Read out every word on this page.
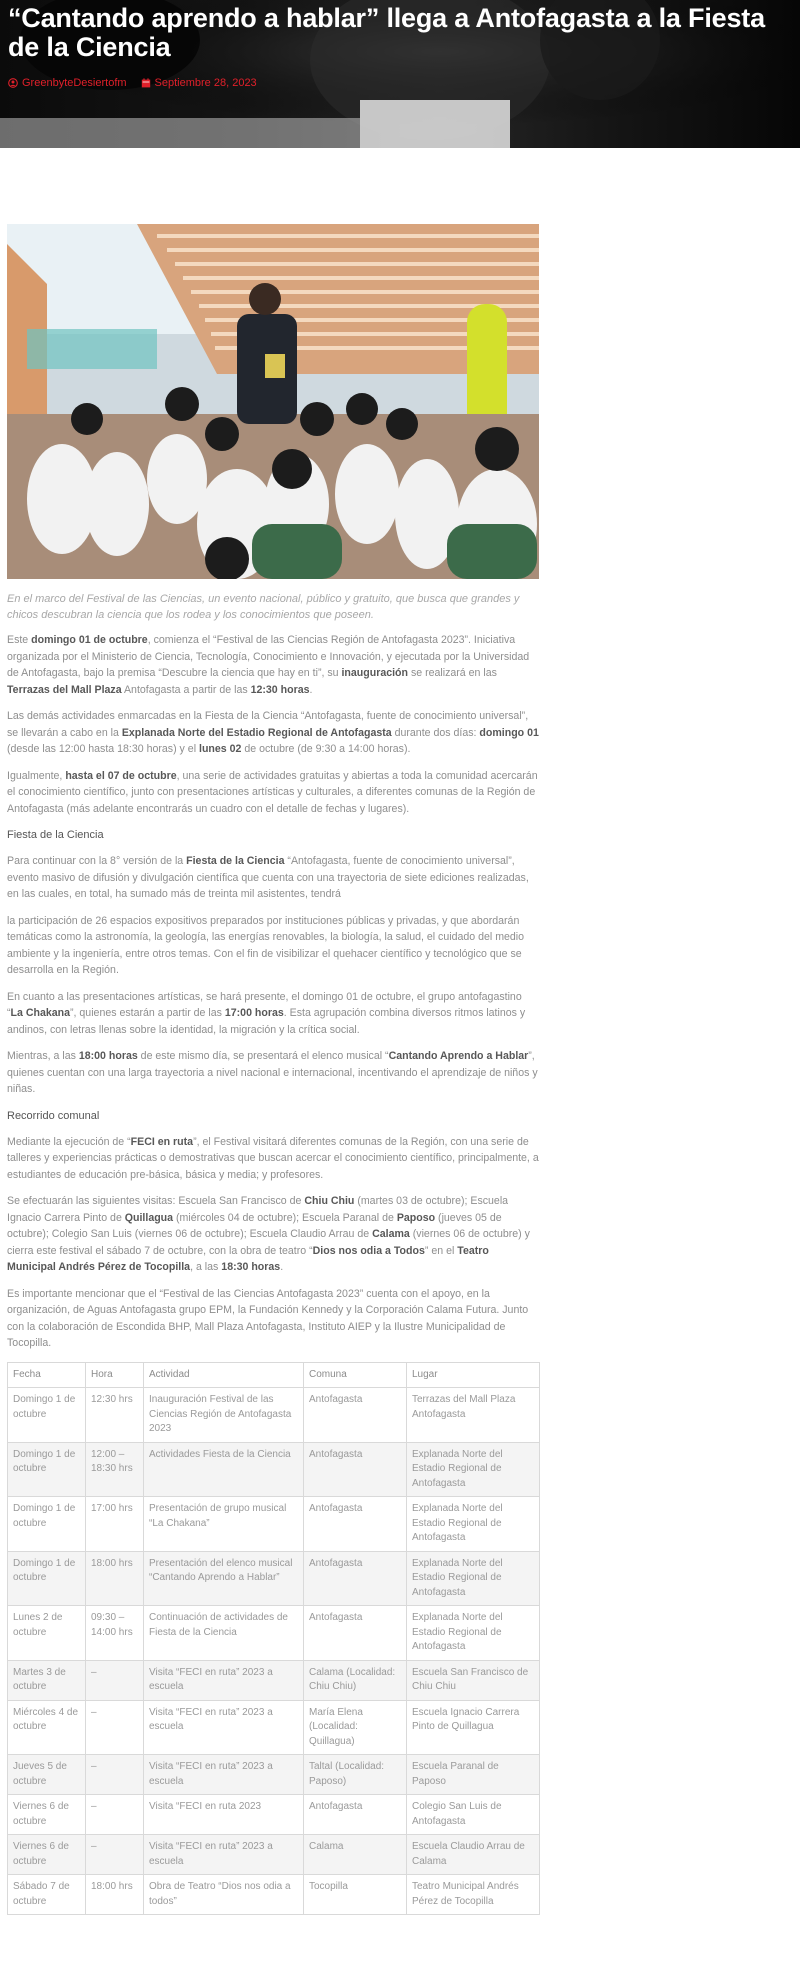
“Cantando aprendo a hablar” llega a Antofagasta a la Fiesta de la Ciencia
GreenbyteDesiertofm	Septiembre 28, 2023

En el marco del Festival de las Ciencias, un evento nacional, público y gratuito, que busca que grandes y chicos descubran la ciencia que los rodea y los conocimientos que poseen.

Este domingo 01 de octubre, comienza el “Festival de las Ciencias Región de Antofagasta 2023”. Iniciativa organizada por el Ministerio de Ciencia, Tecnología, Conocimiento e Innovación, y ejecutada por la Universidad de Antofagasta, bajo la premisa “Descubre la ciencia que hay en ti”, su inauguración se realizará en las Terrazas del Mall Plaza Antofagasta a partir de las 12:30 horas.

Las demás actividades enmarcadas en la Fiesta de la Ciencia “Antofagasta, fuente de conocimiento universal”, se llevarán a cabo en la Explanada Norte del Estadio Regional de Antofagasta durante dos días: domingo 01 (desde las 12:00 hasta 18:30 horas) y el lunes 02 de octubre (de 9:30 a 14:00 horas).

Igualmente, hasta el 07 de octubre, una serie de actividades gratuitas y abiertas a toda la comunidad acercarán el conocimiento científico, junto con presentaciones artísticas y culturales, a diferentes comunas de la Región de Antofagasta (más adelante encontrarás un cuadro con el detalle de fechas y lugares).

Fiesta de la Ciencia

Para continuar con la 8° versión de la Fiesta de la Ciencia “Antofagasta, fuente de conocimiento universal”, evento masivo de difusión y divulgación científica que cuenta con una trayectoria de siete ediciones realizadas, en las cuales, en total, ha sumado más de treinta mil asistentes, tendrá

la participación de 26 espacios expositivos preparados por instituciones públicas y privadas, y que abordarán temáticas como la astronomía, la geología, las energías renovables, la biología, la salud, el cuidado del medio ambiente y la ingeniería, entre otros temas. Con el fin de visibilizar el quehacer científico y tecnológico que se desarrolla en la Región.

En cuanto a las presentaciones artísticas, se hará presente, el domingo 01 de octubre, el grupo antofagastino “La Chakana”, quienes estarán a partir de las 17:00 horas. Esta agrupación combina diversos ritmos latinos y andinos, con letras llenas sobre la identidad, la migración y la crítica social.

Mientras, a las 18:00 horas de este mismo día, se presentará el elenco musical “Cantando Aprendo a Hablar”, quienes cuentan con una larga trayectoria a nivel nacional e internacional, incentivando el aprendizaje de niños y niñas.

Recorrido comunal

Mediante la ejecución de “FECI en ruta”, el Festival visitará diferentes comunas de la Región, con una serie de talleres y experiencias prácticas o demostrativas que buscan acercar el conocimiento científico, principalmente, a estudiantes de educación pre-básica, básica y media; y profesores.

Se efectuarán las siguientes visitas: Escuela San Francisco de Chiu Chiu (martes 03 de octubre); Escuela Ignacio Carrera Pinto de Quillagua (miércoles 04 de octubre); Escuela Paranal de Paposo (jueves 05 de octubre); Colegio San Luis (viernes 06 de octubre); Escuela Claudio Arrau de Calama (viernes 06 de octubre) y cierra este festival el sábado 7 de octubre, con la obra de teatro “Dios nos odia a Todos” en el Teatro Municipal Andrés Pérez de Tocopilla, a las 18:30 horas.

Es importante mencionar que el “Festival de las Ciencias Antofagasta 2023” cuenta con el apoyo, en la organización, de Aguas Antofagasta grupo EPM, la Fundación Kennedy y la Corporación Calama Futura. Junto con la colaboración de Escondida BHP, Mall Plaza Antofagasta, Instituto AIEP y la Ilustre Municipalidad de Tocopilla.

Fecha	Hora	Actividad	Comuna	Lugar
Domingo 1 de octubre	12:30 hrs	Inauguración Festival de las Ciencias Región de Antofagasta 2023	Antofagasta	Terrazas del Mall Plaza Antofagasta
Domingo 1 de octubre	12:00 – 18:30 hrs	Actividades Fiesta de la Ciencia	Antofagasta	Explanada Norte del Estadio Regional de Antofagasta
Domingo 1 de octubre	17:00 hrs	Presentación de grupo musical “La Chakana”	Antofagasta	Explanada Norte del Estadio Regional de Antofagasta
Domingo 1 de octubre	18:00 hrs	Presentación del elenco musical “Cantando Aprendo a Hablar”	Antofagasta	Explanada Norte del Estadio Regional de Antofagasta
Lunes 2 de octubre	09:30 – 14:00 hrs	Continuación de actividades de Fiesta de la Ciencia	Antofagasta	Explanada Norte del Estadio Regional de Antofagasta
Martes 3 de octubre	–	Visita “FECI en ruta” 2023 a escuela	Calama (Localidad: Chiu Chiu)	Escuela San Francisco de Chiu Chiu
Miércoles 4 de octubre	–	Visita “FECI en ruta” 2023 a escuela	María Elena (Localidad: Quillagua)	Escuela Ignacio Carrera Pinto de Quillagua
Jueves 5 de octubre	–	Visita “FECI en ruta” 2023 a escuela	Taltal (Localidad: Paposo)	Escuela Paranal de Paposo
Viernes 6 de octubre	–	Visita “FECI en ruta 2023	Antofagasta	Colegio San Luis de Antofagasta
Viernes 6 de octubre	–	Visita “FECI en ruta” 2023 a escuela	Calama	Escuela Claudio Arrau de Calama
Sábado 7 de octubre	18:00 hrs	Obra de Teatro “Dios nos odia a todos”	Tocopilla	Teatro Municipal Andrés Pérez de Tocopilla
